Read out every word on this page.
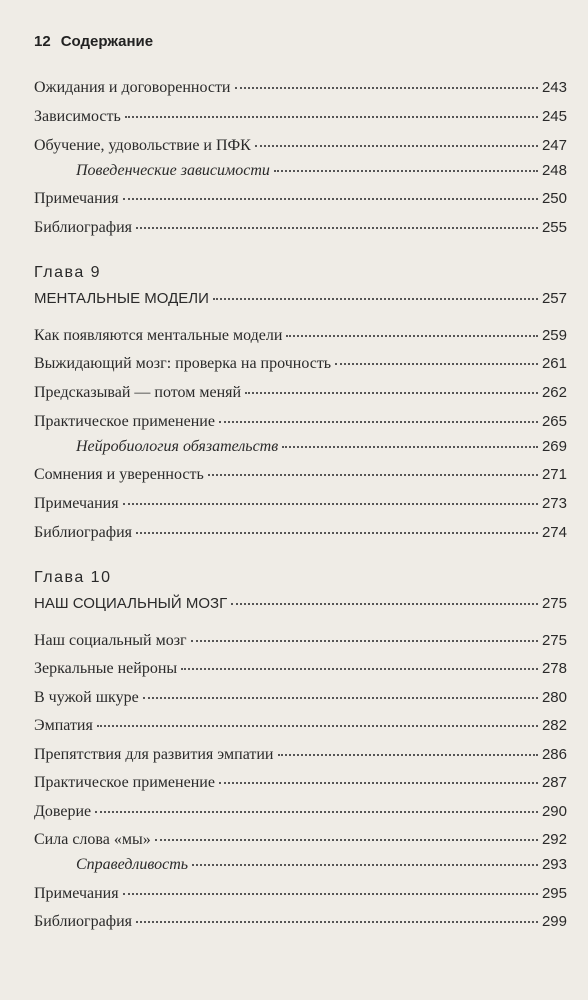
12 Содержание
Ожидания и договоренности	243
Зависимость	245
Обучение, удовольствие и ПФК	247
Поведенческие зависимости	248
Примечания	250
Библиография	255
Глава 9
МЕНТАЛЬНЫЕ МОДЕЛИ	257
Как появляются ментальные модели	259
Выжидающий мозг: проверка на прочность	261
Предсказывай — потом меняй	262
Практическое применение	265
Нейробиология обязательств	269
Сомнения и уверенность	271
Примечания	273
Библиография	274
Глава 10
НАШ СОЦИАЛЬНЫЙ МОЗГ	275
Наш социальный мозг	275
Зеркальные нейроны	278
В чужой шкуре	280
Эмпатия	282
Препятствия для развития эмпатии	286
Практическое применение	287
Доверие	290
Сила слова «мы»	292
Справедливость	293
Примечания	295
Библиография	299
